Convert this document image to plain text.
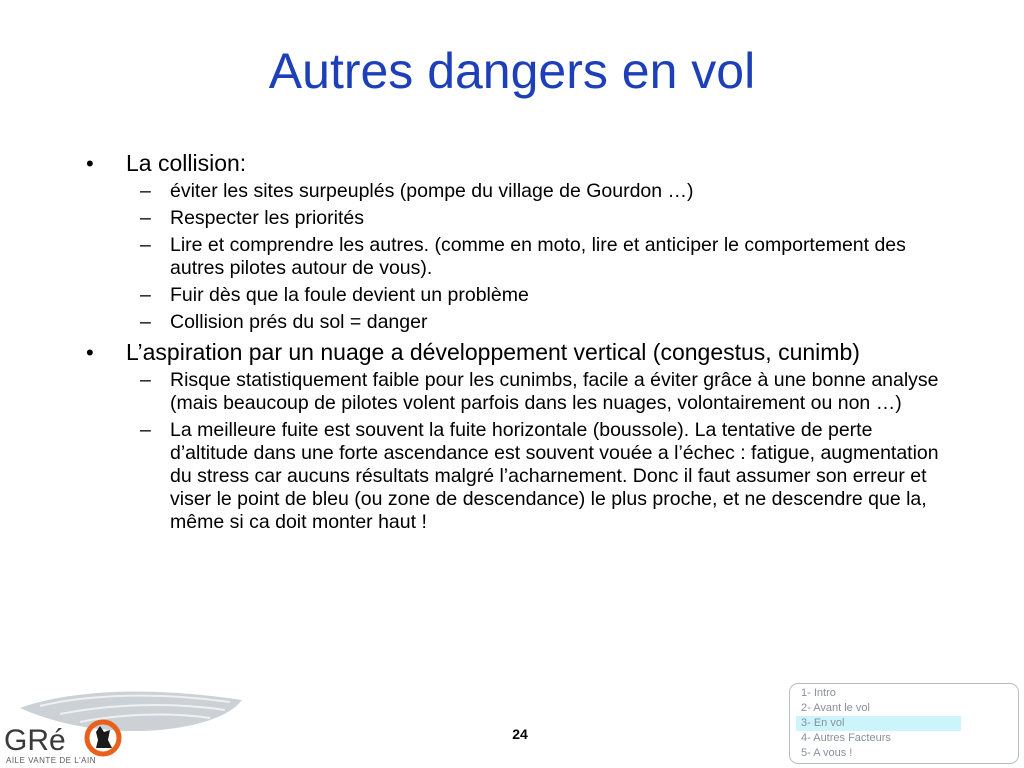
Autres dangers en vol
• La collision:
– éviter les sites surpeuplés (pompe du village de Gourdon …)
– Respecter les priorités
– Lire et comprendre les autres. (comme en moto, lire et anticiper le comportement des autres pilotes autour de vous).
– Fuir dès que la foule devient un problème
– Collision prés du sol = danger
• L’aspiration par un nuage a développement vertical (congestus, cunimb)
– Risque statistiquement faible pour les cunimbs, facile a éviter grâce à une bonne analyse (mais beaucoup de pilotes volent parfois dans les nuages, volontairement ou non …)
– La meilleure fuite est souvent la fuite horizontale (boussole). La tentative de perte d’altitude dans une forte ascendance est souvent vouée a l’échec : fatigue, augmentation du stress car aucuns résultats malgré l’acharnement. Donc il faut assumer son erreur et viser le point de bleu (ou zone de descendance) le plus proche, et ne descendre que la, même si ca doit monter haut !
GRé
AILE VANTE DE L'AIN
24
1- Intro
2- Avant le vol
3- En vol
4- Autres Facteurs
5- A vous !
